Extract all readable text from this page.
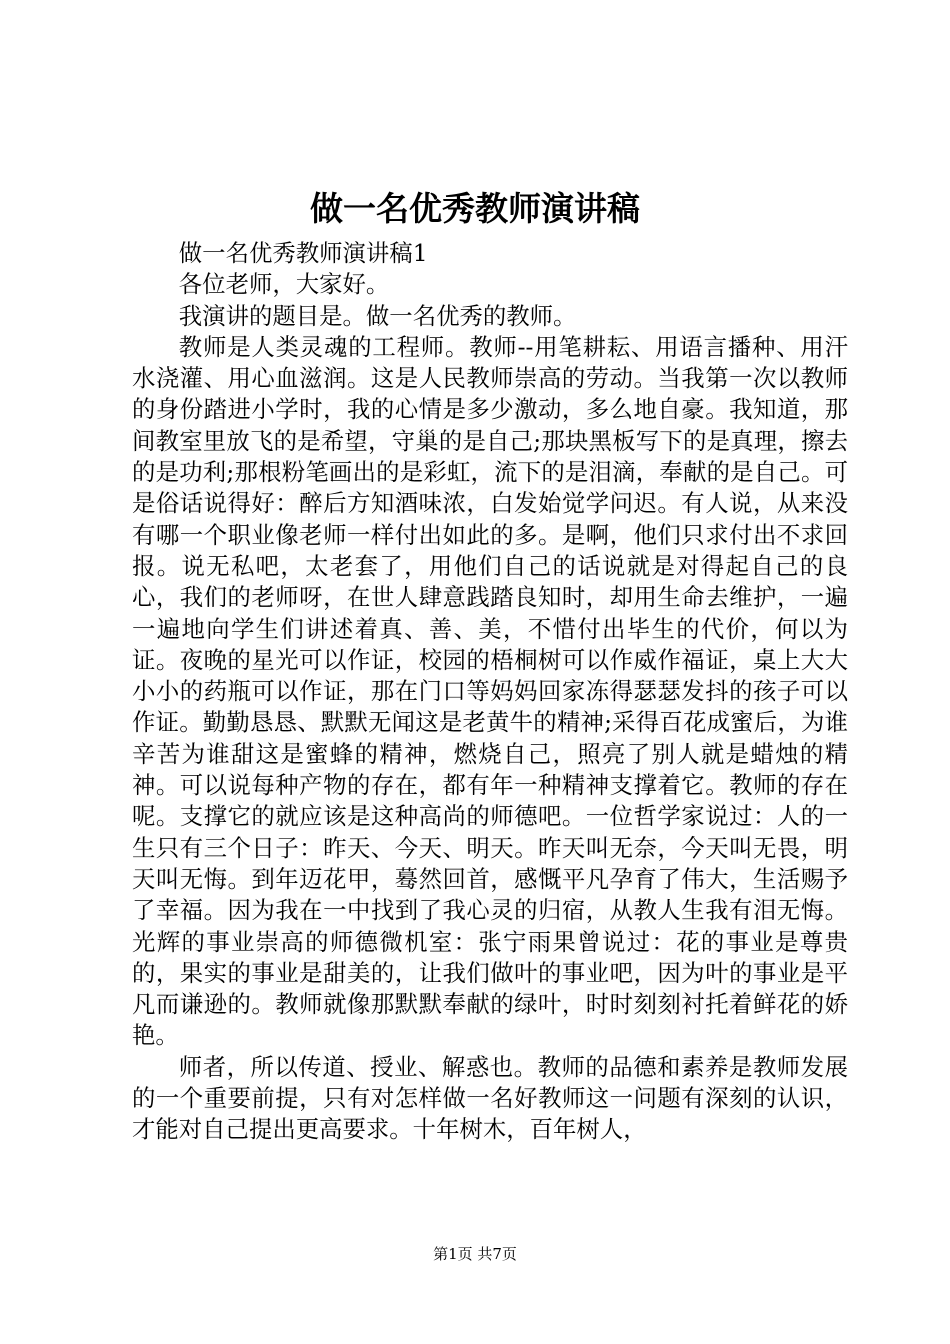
做一名优秀教师演讲稿

做一名优秀教师演讲稿1

各位老师，大家好。

我演讲的题目是。做一名优秀的教师。

教师是人类灵魂的工程师。教师--用笔耕耘、用语言播种、用汗水浇灌、用心血滋润。这是人民教师崇高的劳动。当我第一次以教师的身份踏进小学时，我的心情是多少激动，多么地自豪。我知道，那间教室里放飞的是希望，守巢的是自己;那块黑板写下的是真理，擦去的是功利;那根粉笔画出的是彩虹，流下的是泪滴，奉献的是自己。可是俗话说得好：醉后方知酒味浓，白发始觉学问迟。有人说，从来没有哪一个职业像老师一样付出如此的多。是啊，他们只求付出不求回报。说无私吧，太老套了，用他们自己的话说就是对得起自己的良心，我们的老师呀，在世人肆意践踏良知时，却用生命去维护，一遍一遍地向学生们讲述着真、善、美，不惜付出毕生的代价，何以为证。夜晚的星光可以作证，校园的梧桐树可以作威作福证，桌上大大小小的药瓶可以作证，那在门口等妈妈回家冻得瑟瑟发抖的孩子可以作证。勤勤恳恳、默默无闻这是老黄牛的精神;采得百花成蜜后，为谁辛苦为谁甜这是蜜蜂的精神，燃烧自己，照亮了别人就是蜡烛的精神。可以说每种产物的存在，都有年一种精神支撑着它。教师的存在呢。支撑它的就应该是这种高尚的师德吧。一位哲学家说过：人的一生只有三个日子：昨天、今天、明天。昨天叫无奈，今天叫无畏，明天叫无悔。到年迈花甲，蓦然回首，感慨平凡孕育了伟大，生活赐予了幸福。因为我在一中找到了我心灵的归宿，从教人生我有泪无悔。光辉的事业崇高的师德微机室：张宁雨果曾说过：花的事业是尊贵的，果实的事业是甜美的，让我们做叶的事业吧，因为叶的事业是平凡而谦逊的。教师就像那默默奉献的绿叶，时时刻刻衬托着鲜花的娇艳。

师者，所以传道、授业、解惑也。教师的品德和素养是教师发展的一个重要前提，只有对怎样做一名好教师这一问题有深刻的认识，才能对自己提出更高要求。十年树木，百年树人，

第1页 共7页
